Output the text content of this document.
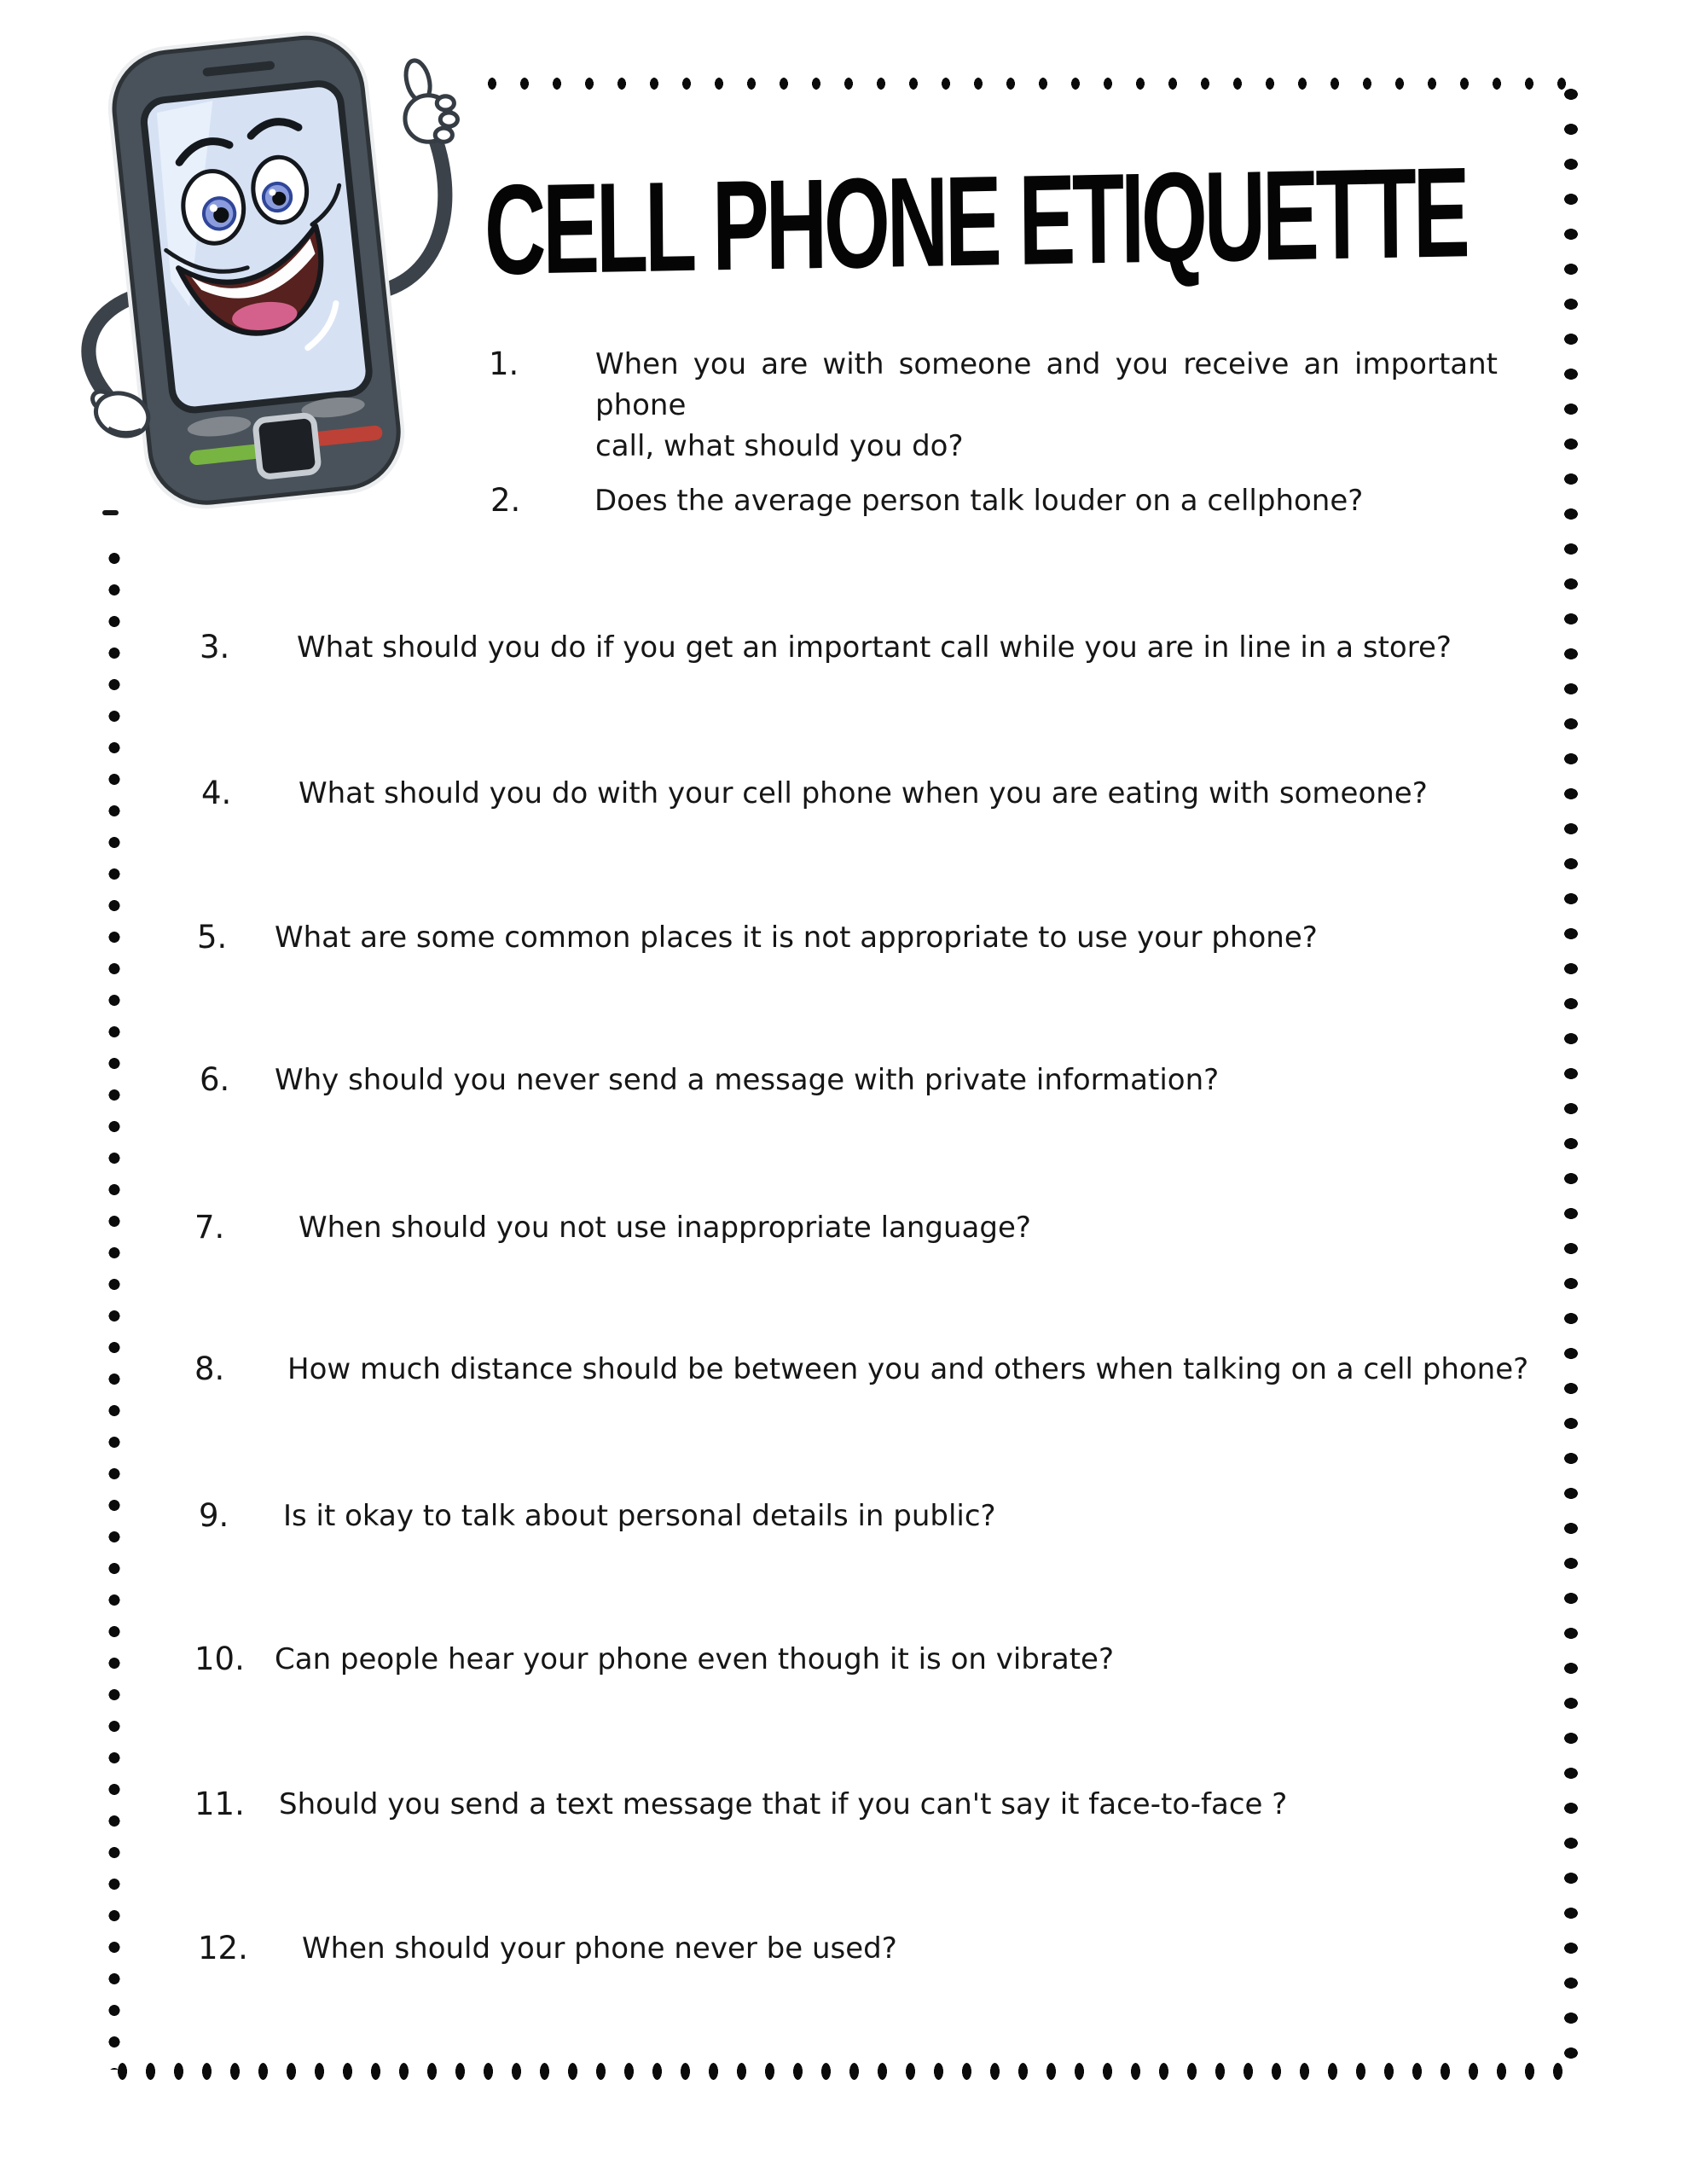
CELL PHONE ETIQUETTE
1.	When you are with someone and you receive an important phone
call, what should you do?
2.	Does the average person talk louder on a cellphone?
3. What should you do if you get an important call while you are in line in a store?
4. What should you do with your cell phone when you are eating with someone?
5. What are some common places it is not appropriate to use your phone?
6. Why should you never send a message with private information?
7.	When should you not use inappropriate language?
8. How much distance should be between you and others when talking on a cell phone?
9. Is it okay to talk about personal details in public?
10. Can people hear your phone even though it is on vibrate?
11. Should you send a text message that if you can't say it face-to-face ?
12. When should your phone never be used?
